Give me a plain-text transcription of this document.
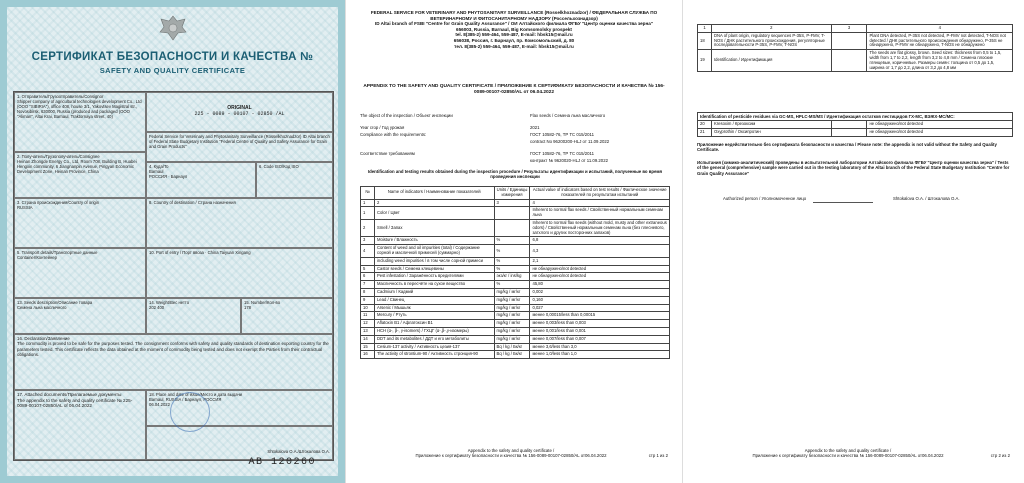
СЕРТИФИКАТ БЕЗОПАСНОСТИ И КАЧЕСТВА №
SAFETY AND QUALITY CERTIFICATE
1. Отправитель/Грузоотправитель/Consignor
Shipper company of agricultural technologies development Co., Ltd (ООО "SIBIRIA"), office 408, house 3/1, Yakovtsev Magistral str., Novosibirsk, 630000, Russia (produced and packaged (ООО "Aliman", Altai Krai, Barnaul, Traktornaya street, 40)
ORIGINAL
225 - 0089 - 00107 - 02850 /AL
Federal Service for Veterinary and Phytosanitary Surveillance (Rosselkhoznadzor) ID Altai branch of Federal State Budgetary Institution "Federal Centre of Quality and Safety Assurance for Grain and Grain Products"
2. Получатель/Грузополучатель/Consignee
Heinan Zhongde Energy Co., Ltd, Room 708, Building B, Huabei Hengxin community, 6 Jiangnanpin Avenue, Pingyan Economic Development Zone, Heinan Province, China
4. Куда/To
Barnaul
РОССИЯ · Барнаул
6. Code ISO/Код ISO
3. Страна происхождения/Country of origin
RUSSIA
8. Country of destination / Страна назначения
5. Transport details/Транспортные данные
Container/Контейнер
10. Port of entry / Порт ввоза · China Taiyuan Xingang
13. Seeds description/Описание товара
Семена льна масличного
14. Weight/Вес нетто
202 400
15. Number/Кол-во
178
16. Declaration/Заявление
The commodity is proved to be safe for the purposes tested. The consignment conforms with safety and quality standards of destination exporting country for the parameters tested. This certificate reflects the data obtained at the moment of commodity being tested and does not exempt the Parties from their contractual obligations.
17. Attached documents/Прилагаемые документы
The appendix to the safety and quality certificate № 225-0089-00107-02850/AL of 06.04.2022
18. Place and date of issue/Место и дата выдачи
Barnaul, RUSSIA / Барнаул, РОССИЯ
06.04.2022
Shtokalova O.A./Штокалова О.А.
АВ 120260
FEDERAL SERVICE FOR VETERINARY AND PHYTOSANITARY SURVEILLANCE (Rosselkhoznadzor) / ФЕДЕРАЛЬНАЯ СЛУЖБА ПО ВЕТЕРИНАРНОМУ И ФИТОСАНИТАРНОМУ НАДЗОРУ (Россельхознадзор)
ID Altai branch of FSBI "Centre for Grain Quality Assurance" / ОИ Алтайского филиала ФГБУ "Центр оценки качества зерна"
656003, Russia, Barnaul, Big Komsomolsky prospekt
tel. 8(385-2) 559-464, 559-487, E-mail: hbsk15@mail.ru
656038, Россия, г. Барнаул, пр. Комсомольский, д. 80
тел. 8(385-2) 559-464, 559-487, E-mail: hbsk15@mail.ru
APPENDIX TO THE SAFETY AND QUALITY CERTIFICATE / ПРИЛОЖЕНИЕ К СЕРТИФИКАТУ БЕЗОПАСНОСТИ И КАЧЕСТВА № 156-0089-00107-02850/AL от 06.04.2022
The object of the inspection / Объект инспекции	Flax seeds / Семена льна масличного
Year crop / Год урожая	2021
Compliance with the requirements:	ГОСТ 10582-76, ТР ТС 015/2011
contract No 96200200-HLJ от 11.09.2022
Соответствие требованиям	ГОСТ 10582-76, ТР ТС 015/2011
контракт № 9620020-HLJ от 11.09.2022
Identification and testing results obtained during the inspection procedure / Результаты идентификации и испытаний, полученные во время проведения инспекции
№	Name of indicators / Наименование показателей	Units / Единицы измерения	Actual value of indicators based on test results / Фактическое значение показателей по результатам испытаний
1	2	3	4
1	Color / Цвет		Inherent to normal flax seeds / Свойственный нормальным семенам льна
2	Smell / Запах		Inherent to normal flax seeds (without mold, musty and other extraneous odors) / Свойственный нормальным семенам льна (без плесневого, затхлого и других посторонних запахов)
3	Moisture / Влажность	%	6,8
4	Content of weed and oil impurities (total) / Содержание сорной и масличной примесей (суммарно)	%	4,3
	including weed impurities / в том числе сорной примеси	%	2,1
5	Castor seeds / Семена клещевины	%	не обнаружено/not detected
6	Pest infestation / Заражённость вредителями	экз/кг / ins/kg	не обнаружено/not detected
7	Масличность в пересчёте на сухое вещество	%	45,80
8	Cadmium / Кадмий	mg/kg / мг/кг	0,002
9	Lead / Свинец	mg/kg / мг/кг	0,160
10	Arsenic / Мышьяк	mg/kg / мг/кг	0,027
11	Mercury / Ртуть	mg/kg / мг/кг	менее 0,00015/less than 0,00015
12	Aflatoxin B1 / Афлатоксин B1	mg/kg / мг/кг	менее 0,003/less than 0,003
13	HCH (α-, β-, γ-isomers) / ГХЦГ (α-,β-,γ-изомеры)	mg/kg / мг/кг	менее 0,001/less than 0,001
14	DDT and its metabolites / ДДТ и его метаболиты	mg/kg / мг/кг	менее 0,007/less than 0,007
15	Cesium-137 activity / Активность цезия-137	Bq / kg / Бк/кг	менее 3,6/less than 3,0
16	The activity of strontium-90 / Активность стронция-90	Bq / kg / Бк/кг	менее 1,0/less than 1,0
Appendix to the safety and quality certificate /
Приложение к сертификату безопасности и качества № 156-0089-00107-02850/AL от06.04.2022	стр 1 из 2
1	2	3	4
18	DNA of plant origin, regulatory sequences P-35S, P-FMV, T-NOS / ДНК растительного происхождения, регуляторные последовательности P-35S, P-FMV, T-NOS		Plant DNA detected, P-35S not detected, P-FMV not detected, T-NOS not detected / ДНК растительного происхождения обнаружено, P-35S не обнаружено, P-FMV не обнаружено, T-NOS не обнаружено
19	Identification / Идентификация		The seeds are flat glossy, brown. Seed sizes: thickness from 0,5 to 1,5, width from 1,7 to 2,2, length from 3,2 to 4,8 mm / Семена плоские глянцевые, коричневые. Размеры семян: толщина от 0,5 до 1,5, ширина от 1,7 до 2,2, длина от 3,2 до 4,8 мм
Identification of pesticide residues via GC-MS, HPLC-MS/MS / Идентификация остатков пестицидов ГХ-МС, ВЭЖХ-МС/МС:
20	Kresoxim / Крезоксим		не обнаружено/not detected
21	Oxyprothin / Оксипротин		не обнаружено/not detected
Приложение недействительно без сертификата безопасности и качества / Please note: the appendix is not valid without the Safety and Quality Certificate.
Испытания (химико-аналитический) проведены в испытательной лаборатории Алтайского филиала ФГБУ "Центр оценки качества зерна" / Tests of the general (comprehensive) sample were carried out in the testing laboratory of the Altai branch of the Federal State Budgetary Institution "Centre for Grain Quality Assurance"
Authorized person / Уполномоченное лицо	Shtokalova O.A. / Штокалова О.А.
Appendix to the safety and quality certificate /
Приложение к сертификату безопасности и качества № 156-0089-00107-02850/AL от06.04.2022	стр 2 из 2
